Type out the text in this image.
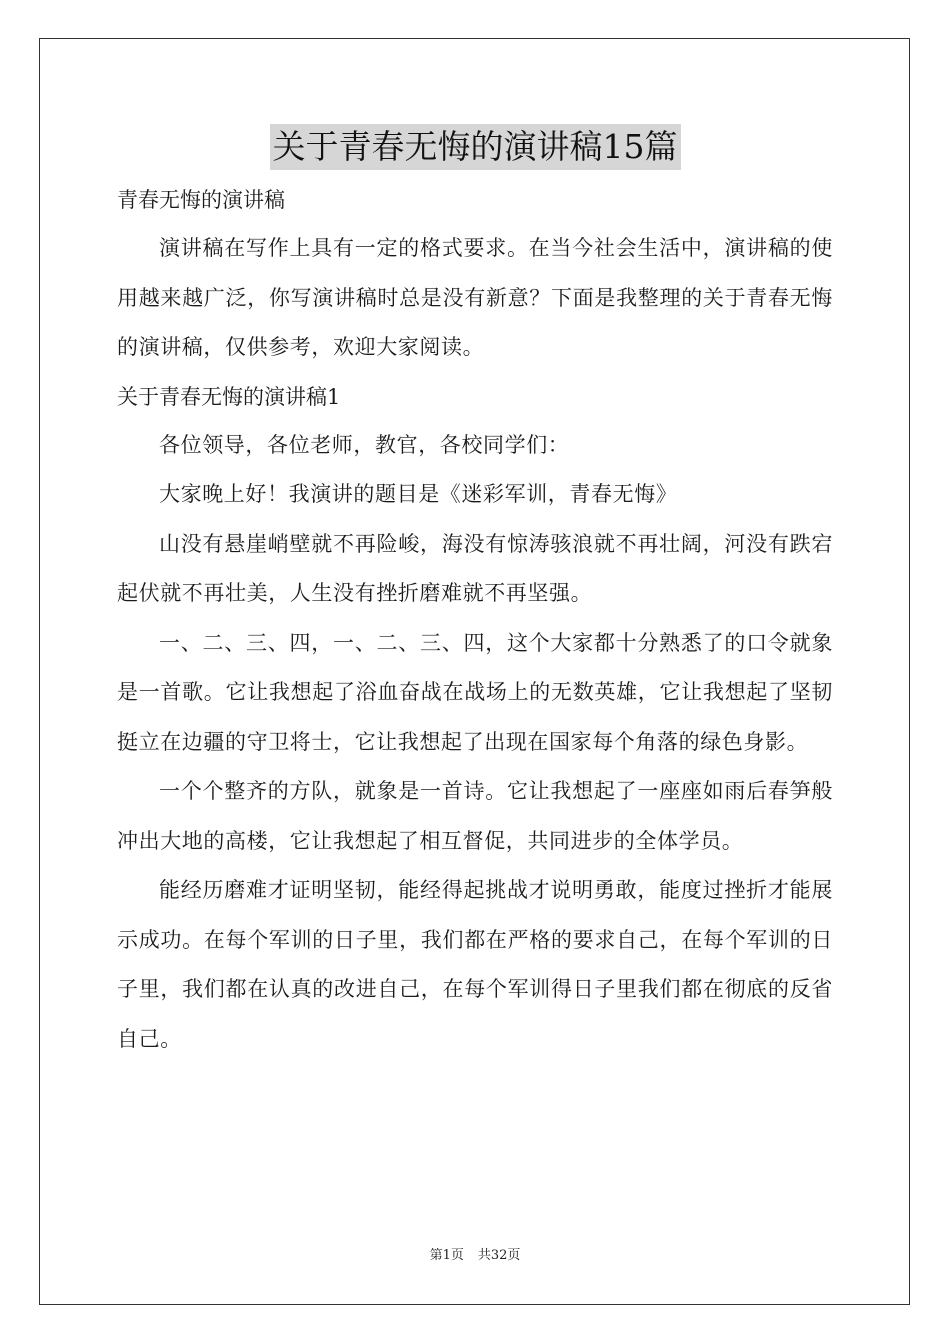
关于青春无悔的演讲稿15篇

青春无悔的演讲稿

演讲稿在写作上具有一定的格式要求。在当今社会生活中，演讲稿的使用越来越广泛，你写演讲稿时总是没有新意？下面是我整理的关于青春无悔的演讲稿，仅供参考，欢迎大家阅读。

关于青春无悔的演讲稿1

各位领导，各位老师，教官，各校同学们：

大家晚上好！我演讲的题目是《迷彩军训，青春无悔》

山没有悬崖峭壁就不再险峻，海没有惊涛骇浪就不再壮阔，河没有跌宕起伏就不再壮美，人生没有挫折磨难就不再坚强。

一、二、三、四，一、二、三、四，这个大家都十分熟悉了的口令就象是一首歌。它让我想起了浴血奋战在战场上的无数英雄，它让我想起了坚韧挺立在边疆的守卫将士，它让我想起了出现在国家每个角落的绿色身影。

一个个整齐的方队，就象是一首诗。它让我想起了一座座如雨后春笋般冲出大地的高楼，它让我想起了相互督促，共同进步的全体学员。

能经历磨难才证明坚韧，能经得起挑战才说明勇敢，能度过挫折才能展示成功。在每个军训的日子里，我们都在严格的要求自己，在每个军训的日子里，我们都在认真的改进自己，在每个军训得日子里我们都在彻底的反省自己。

第1页 共32页
